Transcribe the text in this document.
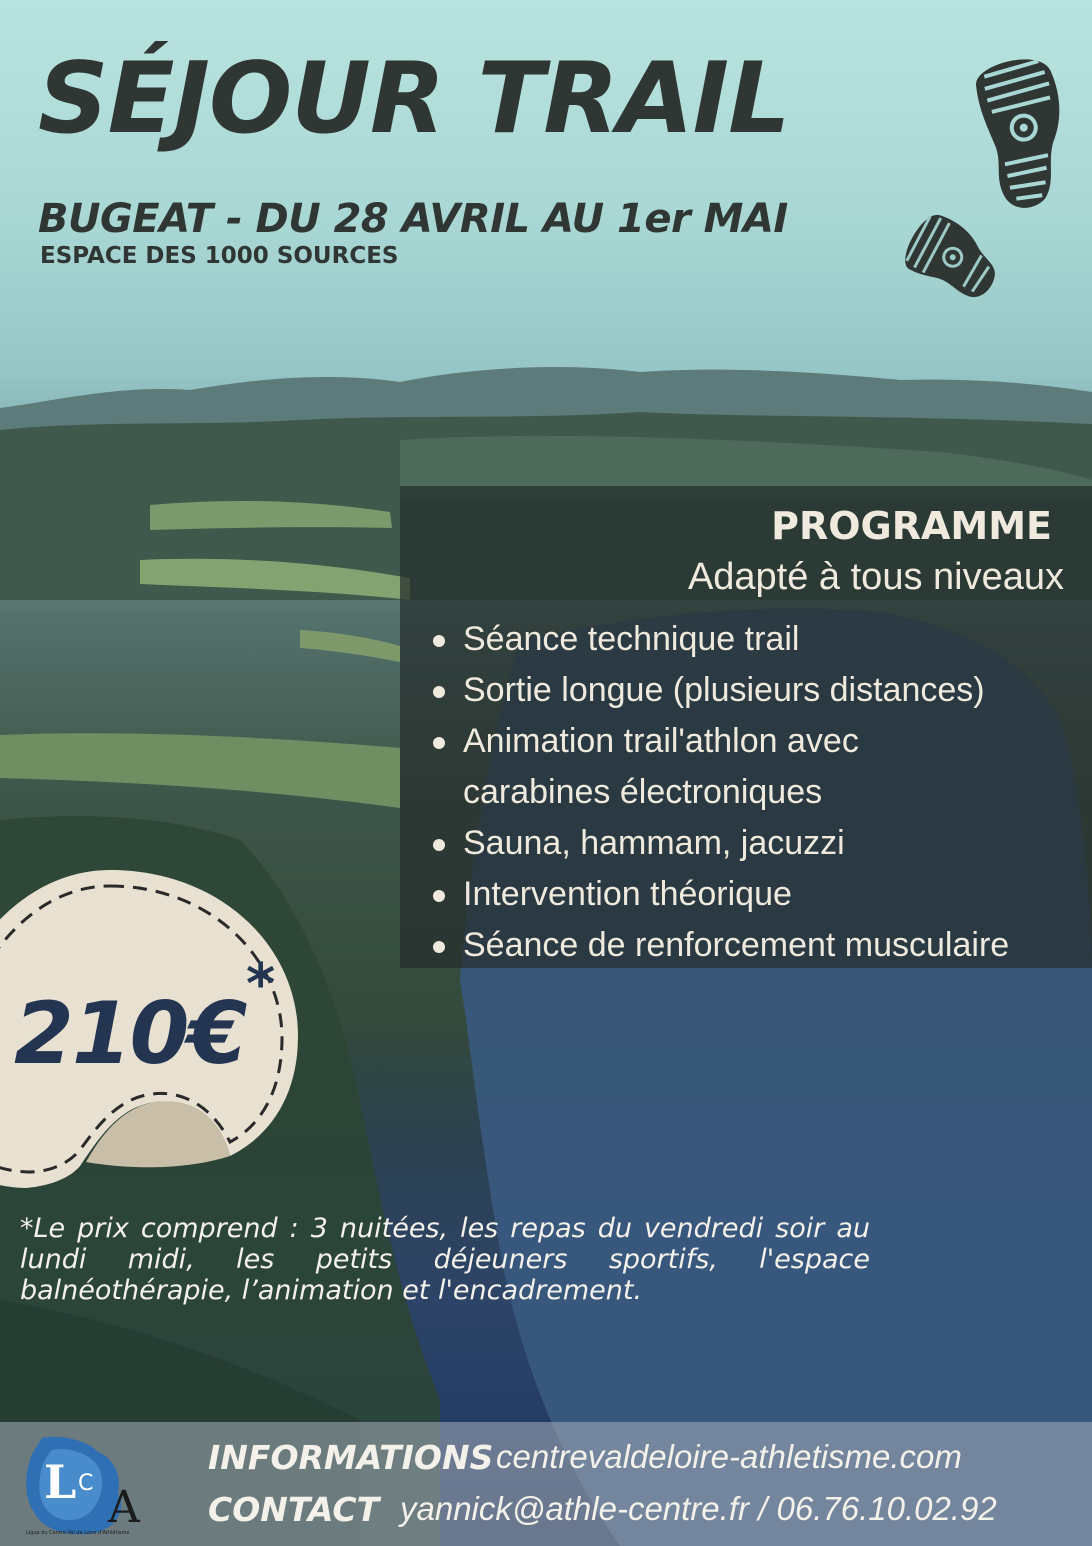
SÉJOUR TRAIL
BUGEAT - DU 28 AVRIL AU 1er MAI
ESPACE DES 1000 SOURCES
PROGRAMME
Adapté à tous niveaux
Séance technique trail
Sortie longue (plusieurs distances)
Animation trail'athlon avec carabines électroniques
Sauna, hammam, jacuzzi
Intervention théorique
Séance de renforcement musculaire
210€ *
*Le prix comprend : 3 nuitées, les repas du vendredi soir au lundi midi, les petits déjeuners sportifs, l'espace balnéothérapie, l’animation et l'encadrement.
L C A
Ligue du Centre-Val de Loire d'Athlétisme
INFORMATIONS centrevaldeloire-athletisme.com
CONTACT yannick@athle-centre.fr / 06.76.10.02.92
